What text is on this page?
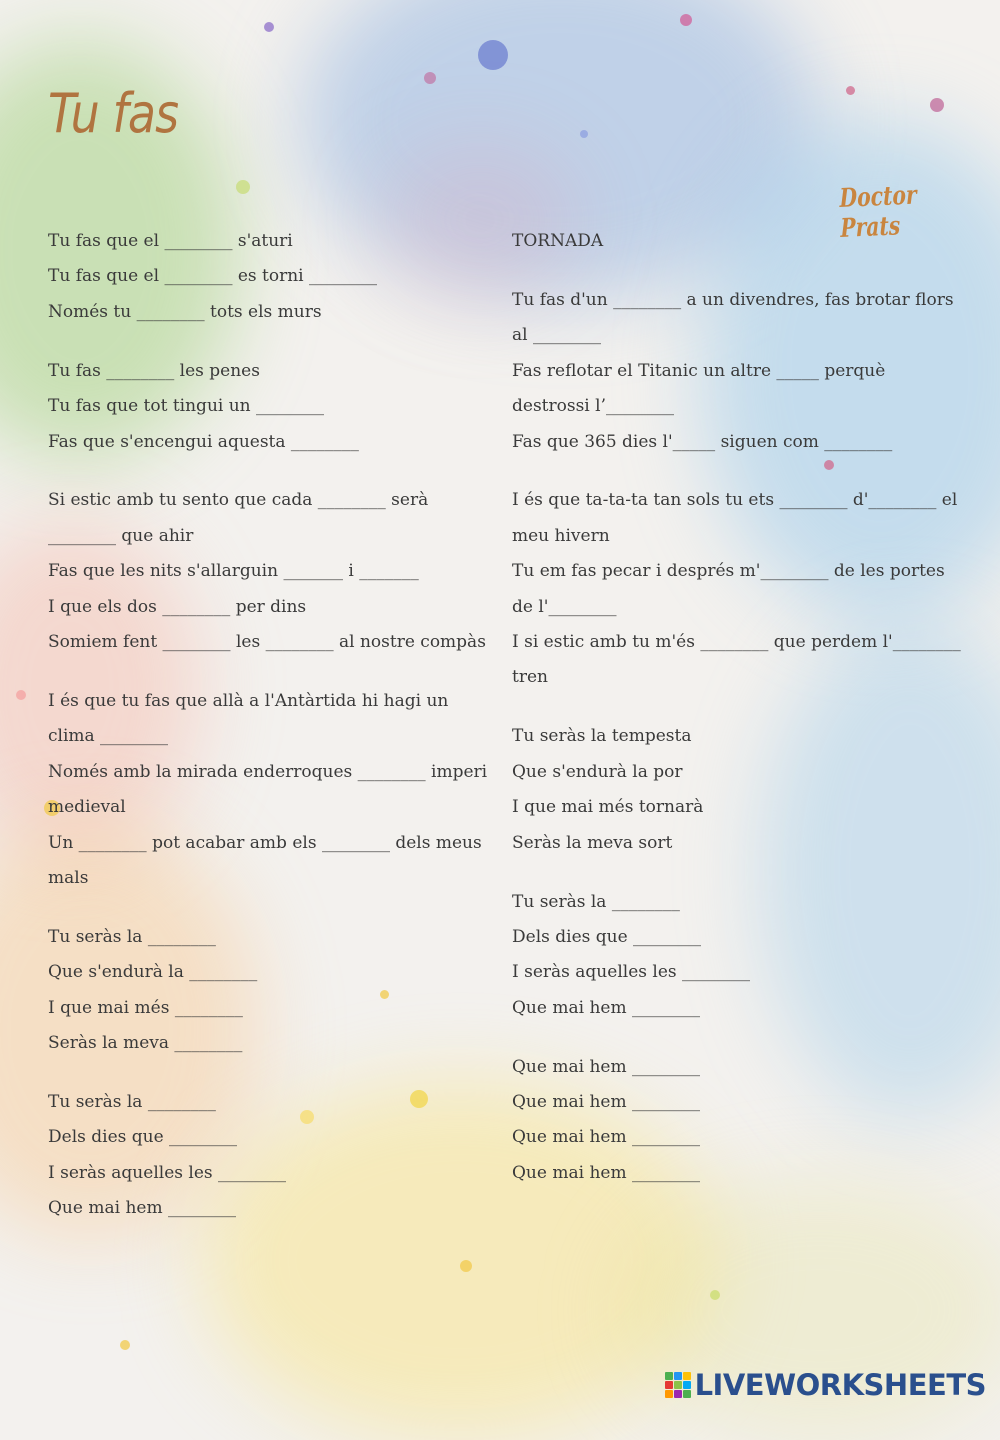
Tu fas
Doctor Prats
Tu fas que el ________ s'aturi
Tu fas que el ________ es torni ________
Només tu ________ tots els murs
Tu fas ________ les penes
Tu fas que tot tingui un ________
Fas que s'encengui aquesta ________
Si estic amb tu sento que cada ________ serà ________ que ahir
Fas que les nits s'allarguin _______ i _______
I que els dos ________ per dins
Somiem fent ________ les ________ al nostre compàs
I és que tu fas que allà a l'Antàrtida hi hagi un clima ________
Només amb la mirada enderroques ________ imperi medieval
Un ________ pot acabar amb els ________ dels meus mals
Tu seràs la ________
Que s'endurà la ________
I que mai més ________
Seràs la meva ________
Tu seràs la ________
Dels dies que ________
I seràs aquelles les ________
Que mai hem ________
TORNADA
Tu fas d'un ________ a un divendres, fas brotar flors al ________
Fas reflotar el Titanic un altre _____ perquè destrossi l’________
Fas que 365 dies l'_____ siguen com ________
I és que ta-ta-ta tan sols tu ets ________ d'________ el meu hivern
Tu em fas pecar i després m'________ de les portes de l'________
I si estic amb tu m'és ________ que perdem l'________ tren
Tu seràs la tempesta
Que s'endurà la por
I que mai més tornarà
Seràs la meva sort
Tu seràs la ________
Dels dies que ________
I seràs aquelles les ________
Que mai hem ________
Que mai hem ________
Que mai hem ________
Que mai hem ________
Que mai hem ________
LIVEWORKSHEETS
